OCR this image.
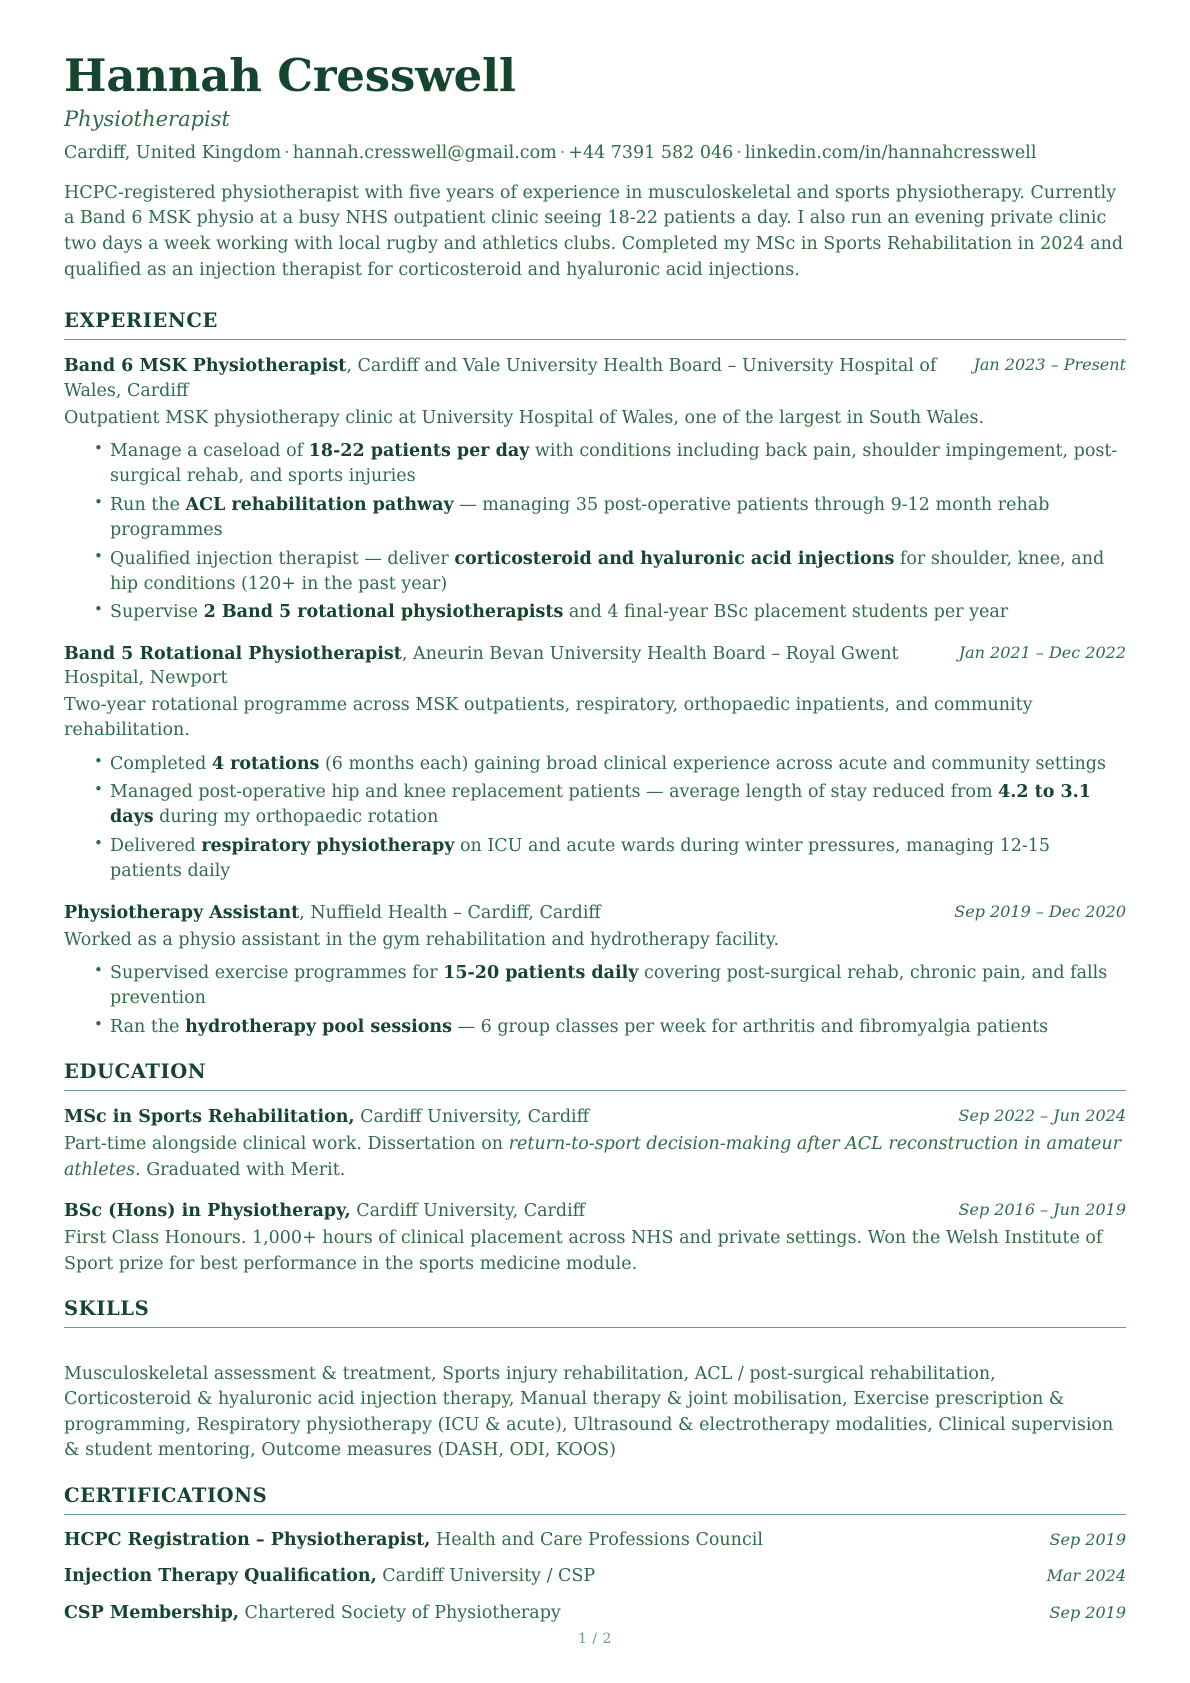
Hannah Cresswell
Physiotherapist
Cardiff, United Kingdom · hannah.cresswell@gmail.com · +44 7391 582 046 · linkedin.com/in/hannahcresswell

HCPC-registered physiotherapist with five years of experience in musculoskeletal and sports physiotherapy. Currently a Band 6 MSK physio at a busy NHS outpatient clinic seeing 18-22 patients a day. I also run an evening private clinic two days a week working with local rugby and athletics clubs. Completed my MSc in Sports Rehabilitation in 2024 and qualified as an injection therapist for corticosteroid and hyaluronic acid injections.

EXPERIENCE
Band 6 MSK Physiotherapist, Cardiff and Vale University Health Board – University Hospital of Wales, Cardiff
Jan 2023 – Present
Outpatient MSK physiotherapy clinic at University Hospital of Wales, one of the largest in South Wales.
• Manage a caseload of 18-22 patients per day with conditions including back pain, shoulder impingement, post-surgical rehab, and sports injuries
• Run the ACL rehabilitation pathway — managing 35 post-operative patients through 9-12 month rehab programmes
• Qualified injection therapist — deliver corticosteroid and hyaluronic acid injections for shoulder, knee, and hip conditions (120+ in the past year)
• Supervise 2 Band 5 rotational physiotherapists and 4 final-year BSc placement students per year
Band 5 Rotational Physiotherapist, Aneurin Bevan University Health Board – Royal Gwent Hospital, Newport
Jan 2021 – Dec 2022
Two-year rotational programme across MSK outpatients, respiratory, orthopaedic inpatients, and community rehabilitation.
• Completed 4 rotations (6 months each) gaining broad clinical experience across acute and community settings
• Managed post-operative hip and knee replacement patients — average length of stay reduced from 4.2 to 3.1 days during my orthopaedic rotation
• Delivered respiratory physiotherapy on ICU and acute wards during winter pressures, managing 12-15 patients daily
Physiotherapy Assistant, Nuffield Health – Cardiff, Cardiff	Sep 2019 – Dec 2020
Worked as a physio assistant in the gym rehabilitation and hydrotherapy facility.
• Supervised exercise programmes for 15-20 patients daily covering post-surgical rehab, chronic pain, and falls prevention
• Ran the hydrotherapy pool sessions — 6 group classes per week for arthritis and fibromyalgia patients
EDUCATION
MSc in Sports Rehabilitation, Cardiff University, Cardiff	Sep 2022 – Jun 2024
Part-time alongside clinical work. Dissertation on return-to-sport decision-making after ACL reconstruction in amateur athletes. Graduated with Merit.
BSc (Hons) in Physiotherapy, Cardiff University, Cardiff	Sep 2016 – Jun 2019
First Class Honours. 1,000+ hours of clinical placement across NHS and private settings. Won the Welsh Institute of Sport prize for best performance in the sports medicine module.
SKILLS
Musculoskeletal assessment & treatment, Sports injury rehabilitation, ACL / post-surgical rehabilitation, Corticosteroid & hyaluronic acid injection therapy, Manual therapy & joint mobilisation, Exercise prescription & programming, Respiratory physiotherapy (ICU & acute), Ultrasound & electrotherapy modalities, Clinical supervision & student mentoring, Outcome measures (DASH, ODI, KOOS)
CERTIFICATIONS
HCPC Registration – Physiotherapist, Health and Care Professions Council	Sep 2019
Injection Therapy Qualification, Cardiff University / CSP	Mar 2024
CSP Membership, Chartered Society of Physiotherapy	Sep 2019
1 / 2
